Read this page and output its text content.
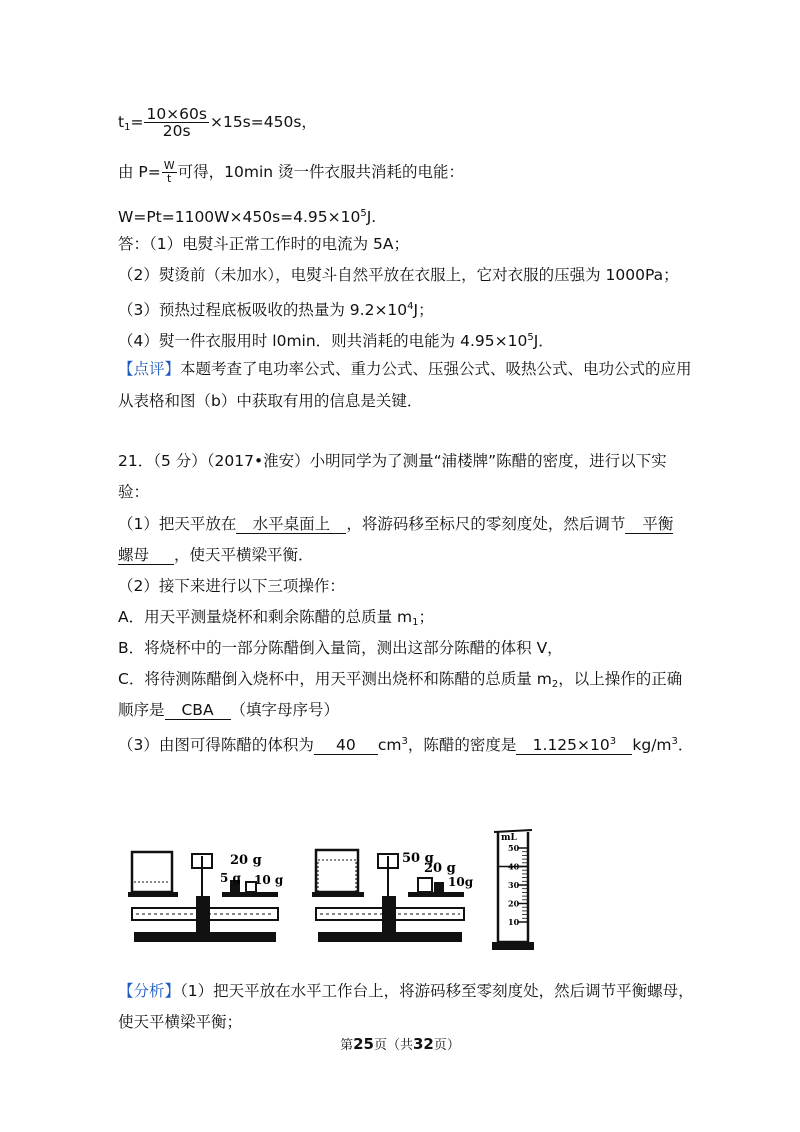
$t_1= \frac{10\times 60s}{20s} \times 15s=450s$，
由 $P= \frac{W}{t}$ 可得，10min 烫一件衣服共消耗的电能：
$W=Pt=1100W\times 450s=4.95\times 10^5J$.
答：（1）电熨斗正常工作时的电流为 5A；
（2）熨烫前（未加水），电熨斗自然平放在衣服上，它对衣服的压强为 1000Pa；
（3）预热过程底板吸收的热量为 $9.2\times 10^4J$；
（4）熨一件衣服用时 l0min．则共消耗的电能为 $4.95\times 10^5J$．
【点评】本题考查了电功率公式、重力公式、压强公式、吸热公式、电功公式的应用
从表格和图（b）中获取有用的信息是关键．
21．（5 分）（2017•淮安）小明同学为了测量“浦楼牌”陈醋的密度，进行以下实
验：
（1）把天平放在 水平桌面上 ，将游码移至标尺的零刻度处，然后调节 平衡
螺母 ，使天平横梁平衡．
（2）接下来进行以下三项操作：
A．用天平测量烧杯和剩余陈醋的总质量 $m_1$；
B．将烧杯中的一部分陈醋倒入量筒，测出这部分陈醋的体积 V，
C．将待测陈醋倒入烧杯中，用天平测出烧杯和陈醋的总质量 $m_2$，以上操作的正确
顺序是 CBA （填字母序号）
（3）由图可得陈醋的体积为 40 $cm^3$，陈醋的密度是 $1.125\times 10^3$ $kg/m^3$．
20 g
5 g 10 g
50 g
20 g
10g
mL
50
40
30
20
10
【分析】（1）把天平放在水平工作台上，将游码移至零刻度处，然后调节平衡螺母，
使天平横梁平衡；
第25页（共32页）
